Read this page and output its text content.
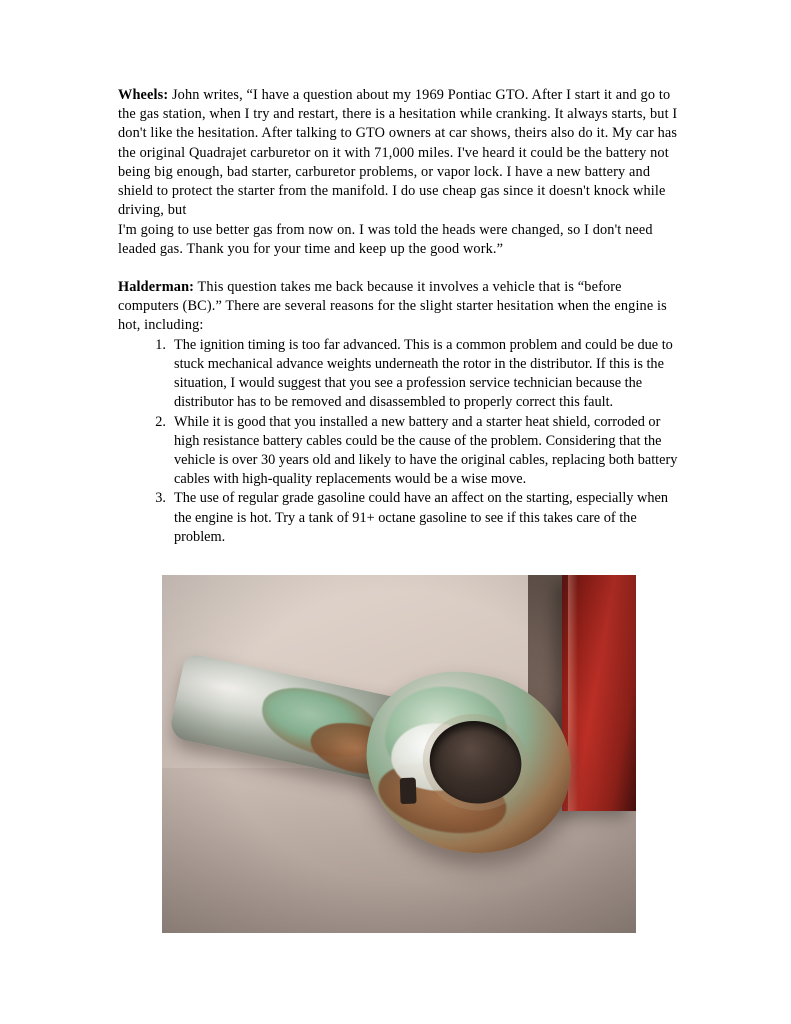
Wheels: John writes, “I have a question about my 1969 Pontiac GTO. After I start it and go to the gas station, when I try and restart, there is a hesitation while cranking. It always starts, but I don't like the hesitation. After talking to GTO owners at car shows, theirs also do it. My car has the original Quadrajet carburetor on it with 71,000 miles. I've heard it could be the battery not being big enough, bad starter, carburetor problems, or vapor lock. I have a new battery and shield to protect the starter from the manifold. I do use cheap gas since it doesn't knock while driving, but

I'm going to use better gas from now on. I was told the heads were changed, so I don't need leaded gas. Thank you for your time and keep up the good work.”

Halderman: This question takes me back because it involves a vehicle that is “before computers (BC).” There are several reasons for the slight starter hesitation when the engine is hot, including:

The ignition timing is too far advanced. This is a common problem and could be due to stuck mechanical advance weights underneath the rotor in the distributor. If this is the situation, I would suggest that you see a profession service technician because the distributor has to be removed and disassembled to properly correct this fault.
While it is good that you installed a new battery and a starter heat shield, corroded or high resistance battery cables could be the cause of the problem. Considering that the vehicle is over 30 years old and likely to have the original cables, replacing both battery cables with high-quality replacements would be a wise move.
The use of regular grade gasoline could have an affect on the starting, especially when the engine is hot. Try a tank of 91+ octane gasoline to see if this takes care of the problem.
